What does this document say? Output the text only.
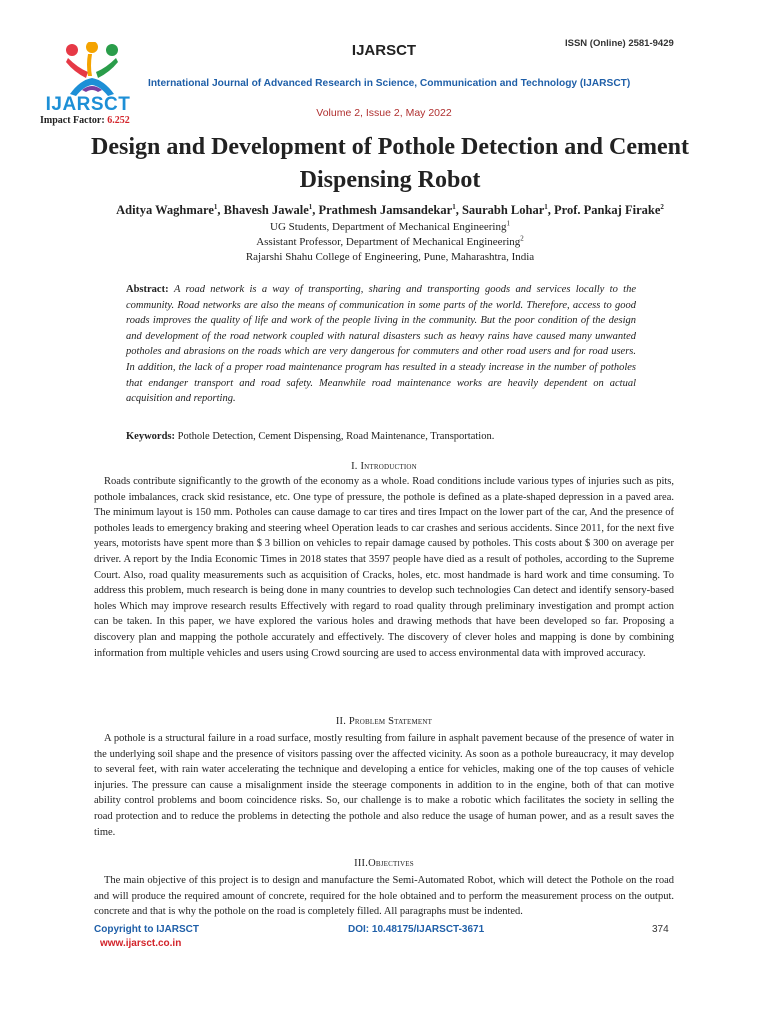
IJARSCT
Impact Factor: 6.252
IJARSCT	ISSN (Online) 2581-9429
International Journal of Advanced Research in Science, Communication and Technology (IJARSCT)
Volume 2, Issue 2, May 2022
Design and Development of Pothole Detection and Cement Dispensing Robot
Aditya Waghmare$^1$, Bhavesh Jawale$^1$, Prathmesh Jamsandekar$^1$, Saurabh Lohar$^1$, Prof. Pankaj Firake$^2$
UG Students, Department of Mechanical Engineering$^1$
Assistant Professor, Department of Mechanical Engineering$^2$
Rajarshi Shahu College of Engineering, Pune, Maharashtra, India
Abstract: A road network is a way of transporting, sharing and transporting goods and services locally to the community. Road networks are also the means of communication in some parts of the world. Therefore, access to good roads improves the quality of life and work of the people living in the community. But the poor condition of the design and development of the road network coupled with natural disasters such as heavy rains have caused many unwanted potholes and abrasions on the roads which are very dangerous for commuters and other road users and for road users. In addition, the lack of a proper road maintenance program has resulted in a steady increase in the number of potholes that endanger transport and road safety. Meanwhile road maintenance works are heavily dependent on actual acquisition and reporting.
Keywords: Pothole Detection, Cement Dispensing, Road Maintenance, Transportation.
I. Introduction
Roads contribute significantly to the growth of the economy as a whole. Road conditions include various types of injuries such as pits, pothole imbalances, crack skid resistance, etc. One type of pressure, the pothole is defined as a plate-shaped depression in a paved area. The minimum layout is 150 mm. Potholes can cause damage to car tires and tires Impact on the lower part of the car, And the presence of potholes leads to emergency braking and steering wheel Operation leads to car crashes and serious accidents. Since 2011, for the next five years, motorists have spent more than $ 3 billion on vehicles to repair damage caused by potholes. This costs about $ 300 on average per driver. A report by the India Economic Times in 2018 states that 3597 people have died as a result of potholes, according to the Supreme Court. Also, road quality measurements such as acquisition of Cracks, holes, etc. most handmade is hard work and time consuming. To address this problem, much research is being done in many countries to develop such technologies Can detect and identify sensory-based holes Which may improve research results Effectively with regard to road quality through preliminary investigation and prompt action can be taken. In this paper, we have explored the various holes and drawing methods that have been developed so far. Proposing a discovery plan and mapping the pothole accurately and effectively. The discovery of clever holes and mapping is done by combining information from multiple vehicles and users using Crowd sourcing are used to access environmental data with improved accuracy.
II. Problem Statement
A pothole is a structural failure in a road surface, mostly resulting from failure in asphalt pavement because of the presence of water in the underlying soil shape and the presence of visitors passing over the affected vicinity. As soon as a pothole bureaucracy, it may develop to several feet, with rain water accelerating the technique and developing a entice for vehicles, making one of the top causes of vehicle injuries. The pressure can cause a misalignment inside the steerage components in addition to in the engine, both of that can motive ability control problems and boom coincidence risks. So, our challenge is to make a robotic which facilitates the society in selling the road protection and to reduce the problems in detecting the pothole and also reduce the usage of human power, and as a result saves the time.
III.Objectives
The main objective of this project is to design and manufacture the Semi-Automated Robot, which will detect the Pothole on the road and will produce the required amount of concrete, required for the hole obtained and to perform the measurement process on the output. concrete and that is why the pothole on the road is completely filled. All paragraphs must be indented.
Copyright to IJARSCT
www.ijarsct.co.in
DOI: 10.48175/IJARSCT-3671	374
